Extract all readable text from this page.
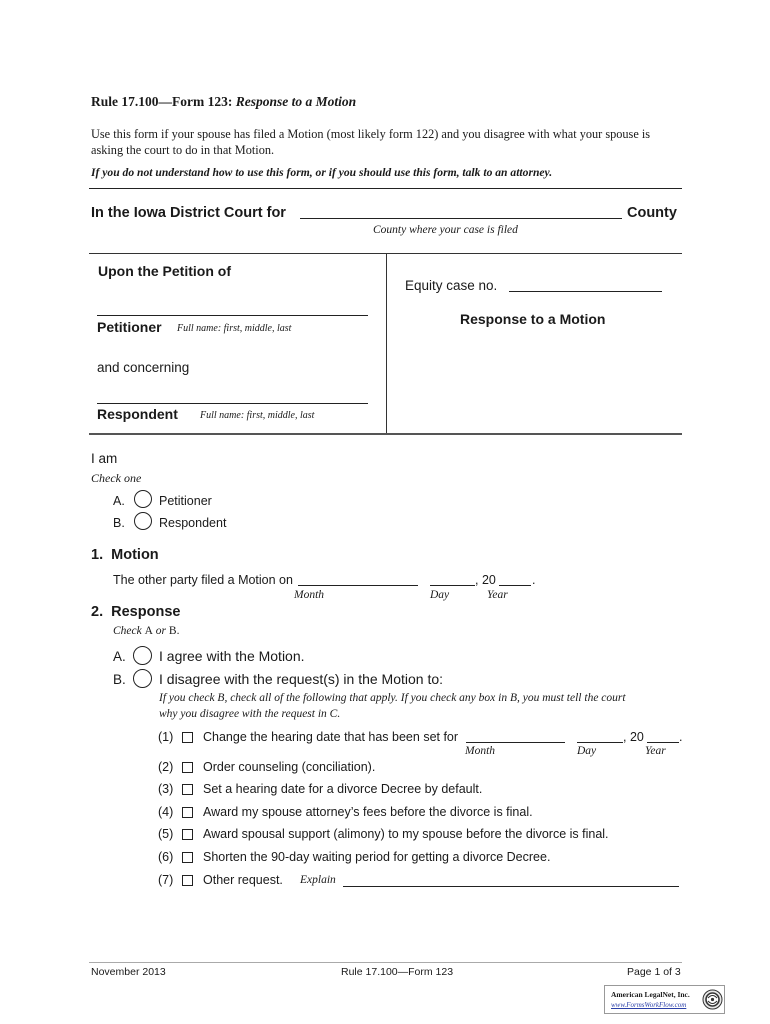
Rule 17.100—Form 123: Response to a Motion
Use this form if your spouse has filed a Motion (most likely form 122) and you disagree with what your spouse is
asking the court to do in that Motion.
If you do not understand how to use this form, or if you should use this form, talk to an attorney.
In the Iowa District Court for	County
County where your case is filed
Upon the Petition of
Petitioner Full name: first, middle, last
and concerning
Respondent Full name: first, middle, last
Equity case no.
Response to a Motion
I am
Check one
A.	Petitioner
B.	Respondent
1.  Motion
The other party filed a Motion on	, 20	.
Month	Day	Year
2.  Response
Check A or B.
A. I agree with the Motion.
B. I disagree with the request(s) in the Motion to:
If you check B, check all of the following that apply. If you check any box in B, you must tell the court
why you disagree with the request in C.
(1) Change the hearing date that has been set for	, 20	.
Month	Day	Year
(2) Order counseling (conciliation).
(3) Set a hearing date for a divorce Decree by default.
(4) Award my spouse attorney’s fees before the divorce is final.
(5) Award spousal support (alimony) to my spouse before the divorce is final.
(6) Shorten the 90-day waiting period for getting a divorce Decree.
(7) Other request. Explain
November 2013	Rule 17.100—Form 123	Page 1 of 3
American LegalNet, Inc.
www.FormsWorkFlow.com
